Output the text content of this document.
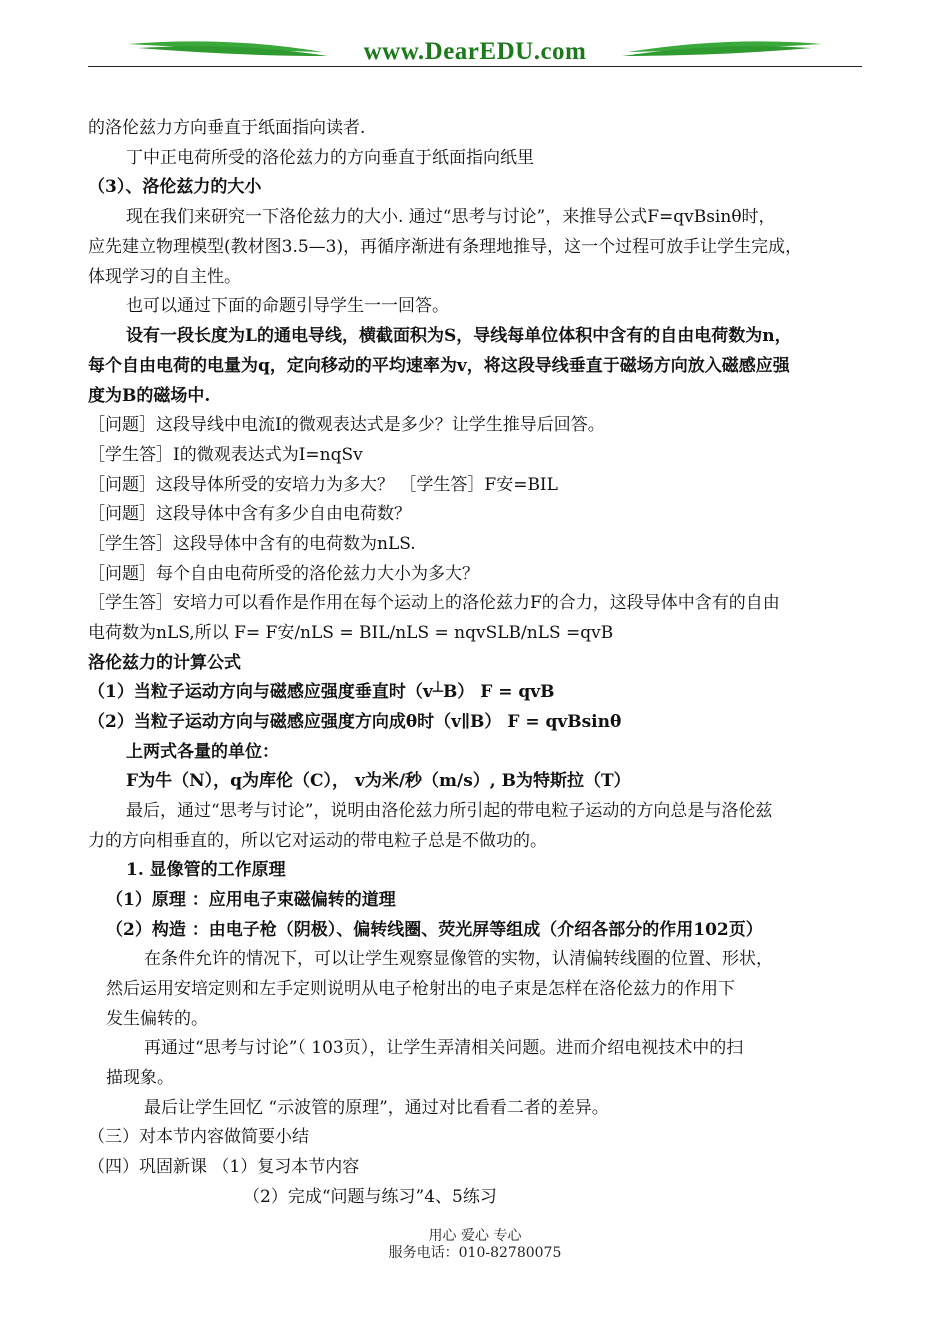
www.DearEDU.com
的洛伦兹力方向垂直于纸面指向读者.
丁中正电荷所受的洛伦兹力的方向垂直于纸面指向纸里
（3）、洛伦兹力的大小
现在我们来研究一下洛伦兹力的大小. 通过“思考与讨论”，来推导公式F=qvBsinθ时，
应先建立物理模型(教材图3.5—3)，再循序渐进有条理地推导，这一个过程可放手让学生完成，
体现学习的自主性。
也可以通过下面的命题引导学生一一回答。
设有一段长度为L的通电导线，横截面积为S，导线每单位体积中含有的自由电荷数为n，
每个自由电荷的电量为q，定向移动的平均速率为v，将这段导线垂直于磁场方向放入磁感应强
度为B的磁场中.
［问题］这段导线中电流I的微观表达式是多少？让学生推导后回答。
［学生答］I的微观表达式为I=nqSv
［问题］这段导体所受的安培力为多大？ ［学生答］F安=BIL
［问题］这段导体中含有多少自由电荷数？
［学生答］这段导体中含有的电荷数为nLS.
［问题］每个自由电荷所受的洛伦兹力大小为多大？
［学生答］安培力可以看作是作用在每个运动上的洛伦兹力F的合力，这段导体中含有的自由
电荷数为nLS,所以 F= F安/nLS = BIL/nLS = nqvSLB/nLS =qvB
洛伦兹力的计算公式
（1）当粒子运动方向与磁感应强度垂直时（v┴B） F = qvB
（2）当粒子运动方向与磁感应强度方向成θ时（v∥B） F = qvBsinθ
上两式各量的单位：
F为牛（N），q为库伦（C）， v为米/秒（m/s）, B为特斯拉（T）
最后，通过“思考与讨论”，说明由洛伦兹力所引起的带电粒子运动的方向总是与洛伦兹
力的方向相垂直的，所以它对运动的带电粒子总是不做功的。
1. 显像管的工作原理
（1）原理 ：应用电子束磁偏转的道理
（2）构造 ：由电子枪（阴极）、偏转线圈、荧光屏等组成（介绍各部分的作用102页）
在条件允许的情况下，可以让学生观察显像管的实物，认清偏转线圈的位置、形状，
然后运用安培定则和左手定则说明从电子枪射出的电子束是怎样在洛伦兹力的作用下
发生偏转的。
再通过“思考与讨论”（ 103页），让学生弄清相关问题。进而介绍电视技术中的扫
描现象。
最后让学生回忆 “示波管的原理”，通过对比看看二者的差异。
（三）对本节内容做简要小结
（四）巩固新课 （1）复习本节内容
（2）完成“问题与练习”4、5练习
用心 爱心 专心
服务电话：010-82780075
